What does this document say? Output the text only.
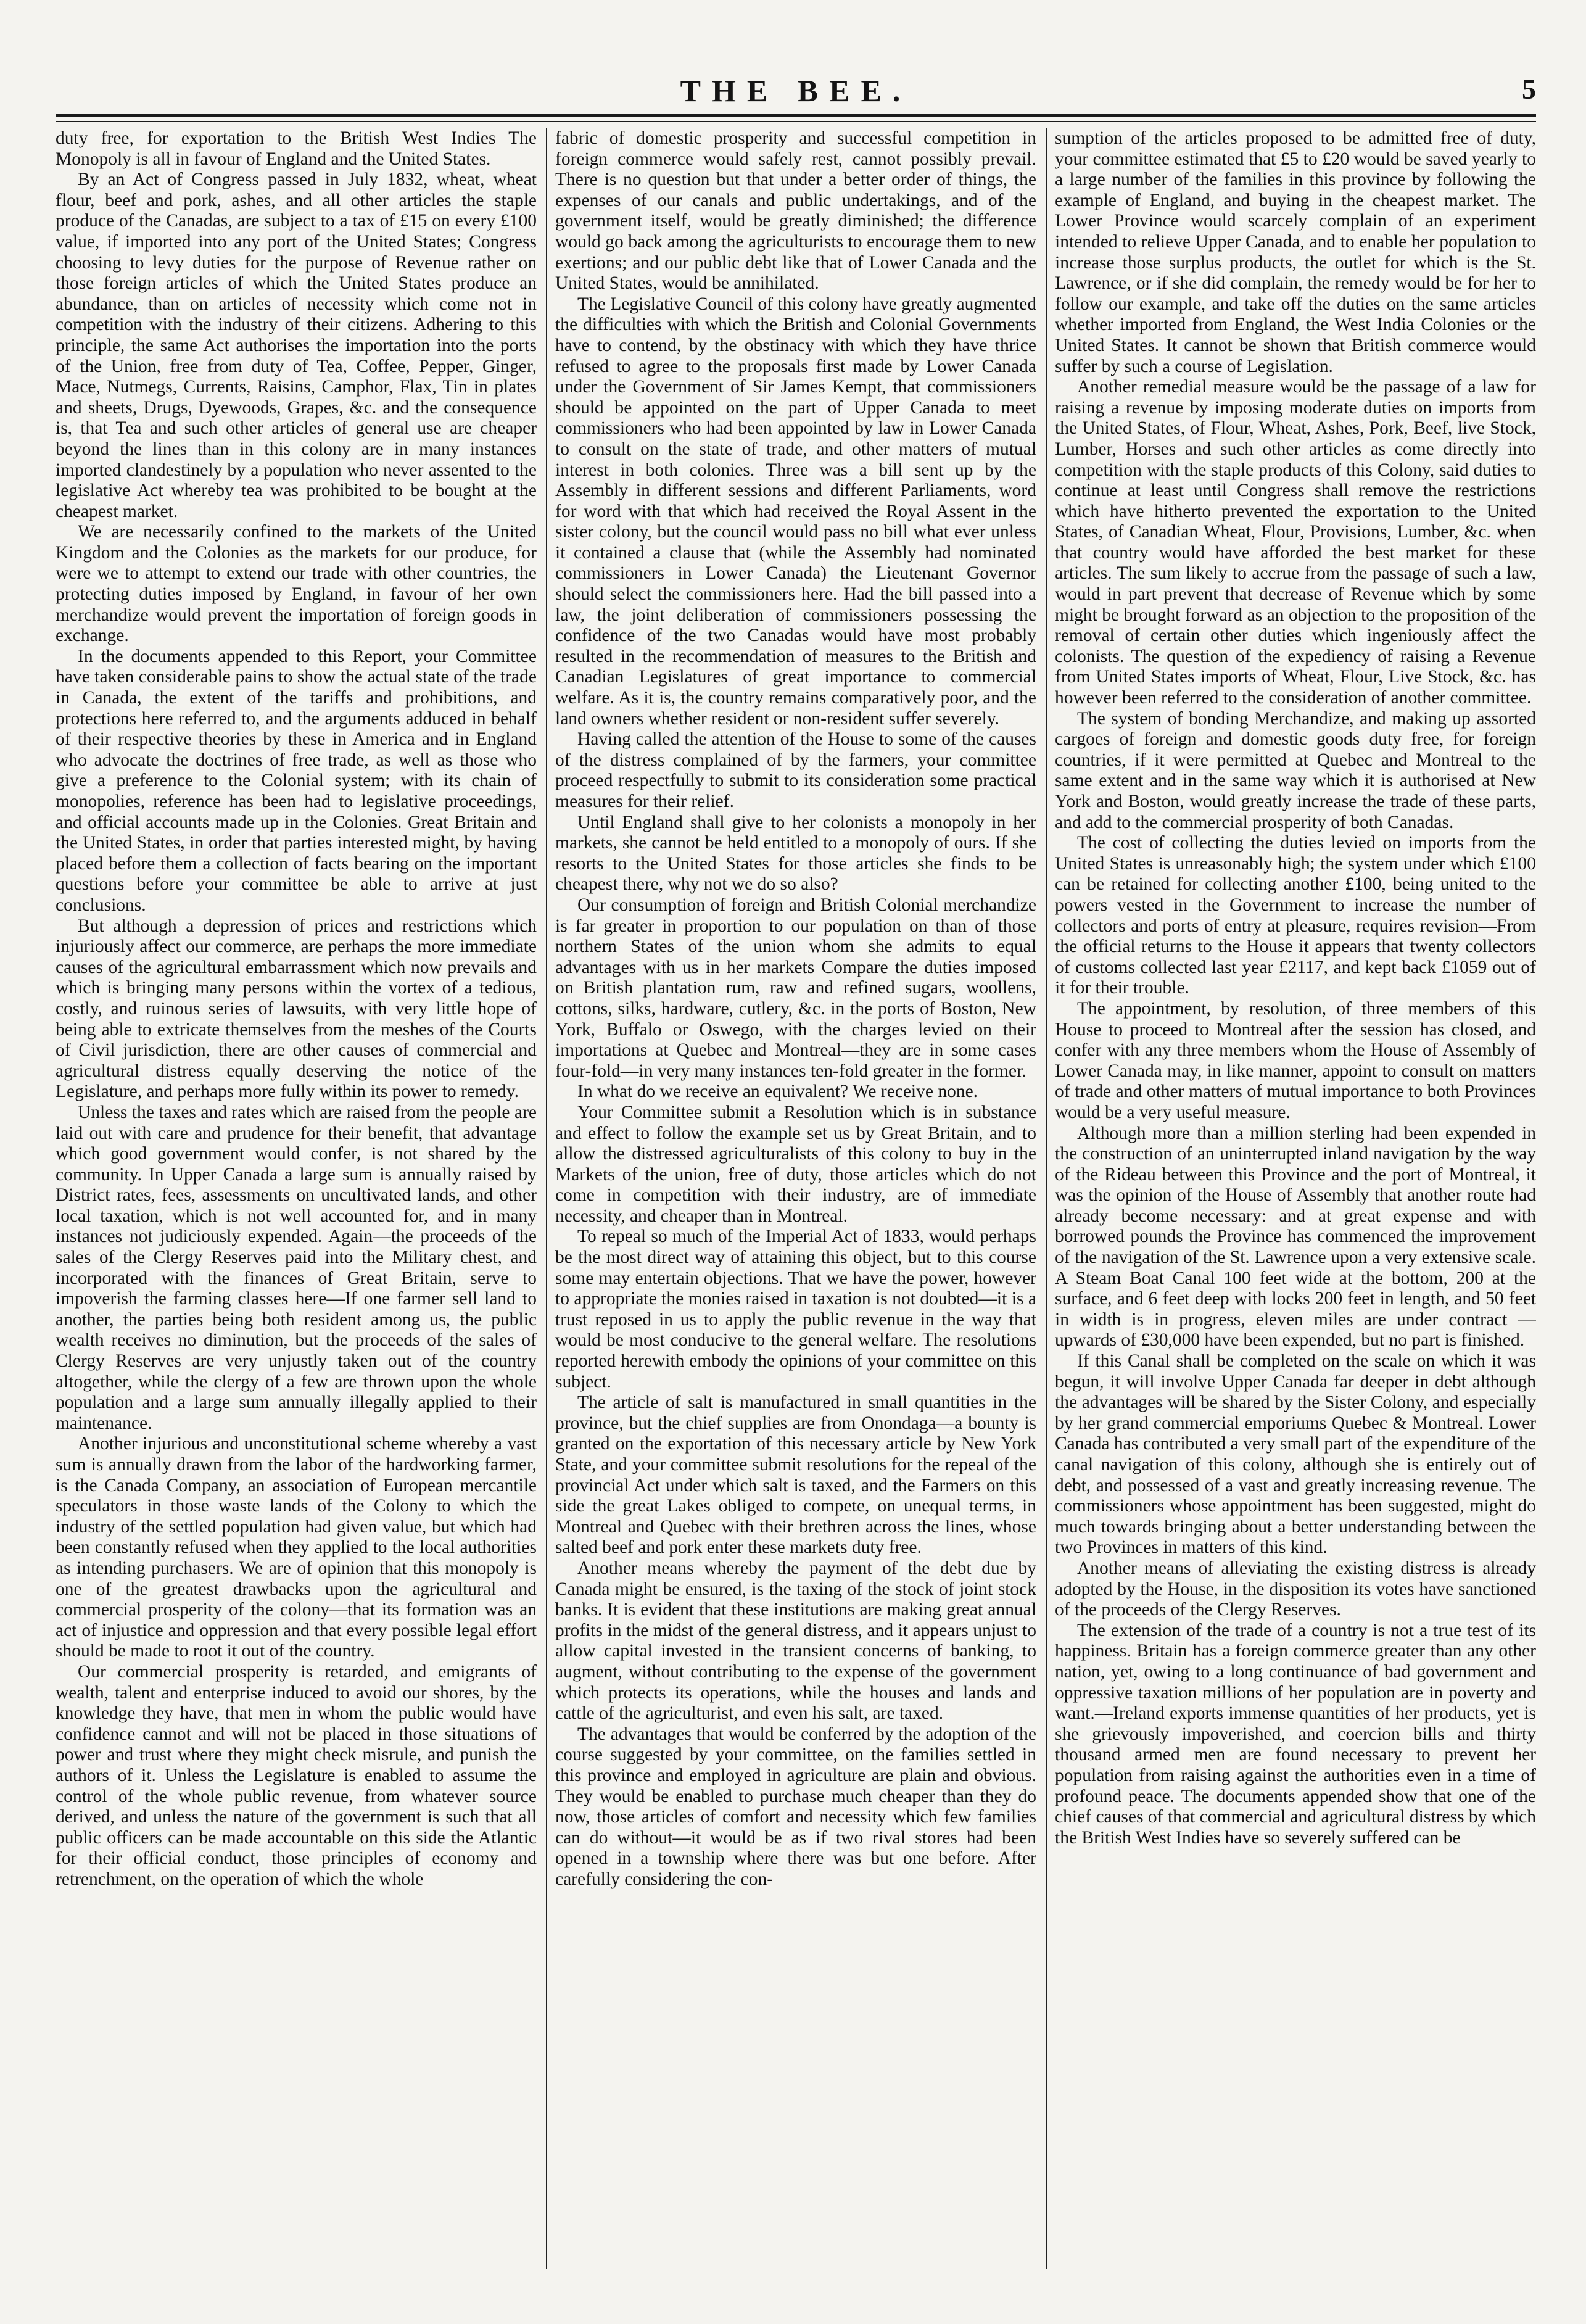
THE BEE.	5

duty free, for exportation to the British West Indies The Monopoly is all in favour of England and the United States.

By an Act of Congress passed in July 1832, wheat, wheat flour, beef and pork, ashes, and all other articles the staple produce of the Canadas, are subject to a tax of £15 on every £100 value, if imported into any port of the United States; Congress choosing to levy duties for the purpose of Revenue rather on those foreign articles of which the United States produce an abundance, than on articles of necessity which come not in competition with the industry of their citizens. Adhering to this principle, the same Act authorises the importation into the ports of the Union, free from duty of Tea, Coffee, Pepper, Ginger, Mace, Nutmegs, Currents, Raisins, Camphor, Flax, Tin in plates and sheets, Drugs, Dyewoods, Grapes, &c. and the consequence is, that Tea and such other articles of general use are cheaper beyond the lines than in this colony are in many instances imported clandestinely by a population who never assented to the legislative Act whereby tea was prohibited to be bought at the cheapest market.

We are necessarily confined to the markets of the United Kingdom and the Colonies as the markets for our produce, for were we to attempt to extend our trade with other countries, the protecting duties imposed by England, in favour of her own merchandize would prevent the importation of foreign goods in exchange.

In the documents appended to this Report, your Committee have taken considerable pains to show the actual state of the trade in Canada, the extent of the tariffs and prohibitions, and protections here referred to, and the arguments adduced in behalf of their respective theories by these in America and in England who advocate the doctrines of free trade, as well as those who give a preference to the Colonial system; with its chain of monopolies, reference has been had to legislative proceedings, and official accounts made up in the Colonies. Great Britain and the United States, in order that parties interested might, by having placed before them a collection of facts bearing on the important questions before your committee be able to arrive at just conclusions.

But although a depression of prices and restrictions which injuriously affect our commerce, are perhaps the more immediate causes of the agricultural embarrassment which now prevails and which is bringing many persons within the vortex of a tedious, costly, and ruinous series of lawsuits, with very little hope of being able to extricate themselves from the meshes of the Courts of Civil jurisdiction, there are other causes of commercial and agricultural distress equally deserving the notice of the Legislature, and perhaps more fully within its power to remedy.

Unless the taxes and rates which are raised from the people are laid out with care and prudence for their benefit, that advantage which good government would confer, is not shared by the community. In Upper Canada a large sum is annually raised by District rates, fees, assessments on uncultivated lands, and other local taxation, which is not well accounted for, and in many instances not judiciously expended. Again—the proceeds of the sales of the Clergy Reserves paid into the Military chest, and incorporated with the finances of Great Britain, serve to impoverish the farming classes here—If one farmer sell land to another, the parties being both resident among us, the public wealth receives no diminution, but the proceeds of the sales of Clergy Reserves are very unjustly taken out of the country altogether, while the clergy of a few are thrown upon the whole population and a large sum annually illegally applied to their maintenance.

Another injurious and unconstitutional scheme whereby a vast sum is annually drawn from the labor of the hardworking farmer, is the Canada Company, an association of European mercantile speculators in those waste lands of the Colony to which the industry of the settled population had given value, but which had been constantly refused when they applied to the local authorities as intending purchasers. We are of opinion that this monopoly is one of the greatest drawbacks upon the agricultural and commercial prosperity of the colony—that its formation was an act of injustice and oppression and that every possible legal effort should be made to root it out of the country.

Our commercial prosperity is retarded, and emigrants of wealth, talent and enterprise induced to avoid our shores, by the knowledge they have, that men in whom the public would have confidence cannot and will not be placed in those situations of power and trust where they might check misrule, and punish the authors of it. Unless the Legislature is enabled to assume the control of the whole public revenue, from whatever source derived, and unless the nature of the government is such that all public officers can be made accountable on this side the Atlantic for their official conduct, those principles of economy and retrenchment, on the operation of which the whole

fabric of domestic prosperity and successful competition in foreign commerce would safely rest, cannot possibly prevail. There is no question but that under a better order of things, the expenses of our canals and public undertakings, and of the government itself, would be greatly diminished; the difference would go back among the agriculturists to encourage them to new exertions; and our public debt like that of Lower Canada and the United States, would be annihilated.

The Legislative Council of this colony have greatly augmented the difficulties with which the British and Colonial Governments have to contend, by the obstinacy with which they have thrice refused to agree to the proposals first made by Lower Canada under the Government of Sir James Kempt, that commissioners should be appointed on the part of Upper Canada to meet commissioners who had been appointed by law in Lower Canada to consult on the state of trade, and other matters of mutual interest in both colonies. Three was a bill sent up by the Assembly in different sessions and different Parliaments, word for word with that which had received the Royal Assent in the sister colony, but the council would pass no bill what ever unless it contained a clause that (while the Assembly had nominated commissioners in Lower Canada) the Lieutenant Governor should select the commissioners here. Had the bill passed into a law, the joint deliberation of commissioners possessing the confidence of the two Canadas would have most probably resulted in the recommendation of measures to the British and Canadian Legislatures of great importance to commercial welfare. As it is, the country remains comparatively poor, and the land owners whether resident or non-resident suffer severely.

Having called the attention of the House to some of the causes of the distress complained of by the farmers, your committee proceed respectfully to submit to its consideration some practical measures for their relief.

Until England shall give to her colonists a monopoly in her markets, she cannot be held entitled to a monopoly of ours. If she resorts to the United States for those articles she finds to be cheapest there, why not we do so also?

Our consumption of foreign and British Colonial merchandize is far greater in proportion to our population on than of those northern States of the union whom she admits to equal advantages with us in her markets Compare the duties imposed on British plantation rum, raw and refined sugars, woollens, cottons, silks, hardware, cutlery, &c. in the ports of Boston, New York, Buffalo or Oswego, with the charges levied on their importations at Quebec and Montreal—they are in some cases four-fold—in very many instances ten-fold greater in the former.

In what do we receive an equivalent? We receive none.

Your Committee submit a Resolution which is in substance and effect to follow the example set us by Great Britain, and to allow the distressed agriculturalists of this colony to buy in the Markets of the union, free of duty, those articles which do not come in competition with their industry, are of immediate necessity, and cheaper than in Montreal.

To repeal so much of the Imperial Act of 1833, would perhaps be the most direct way of attaining this object, but to this course some may entertain objections. That we have the power, however to appropriate the monies raised in taxation is not doubted—it is a trust reposed in us to apply the public revenue in the way that would be most conducive to the general welfare. The resolutions reported herewith embody the opinions of your committee on this subject.

The article of salt is manufactured in small quantities in the province, but the chief supplies are from Onondaga—a bounty is granted on the exportation of this necessary article by New York State, and your committee submit resolutions for the repeal of the provincial Act under which salt is taxed, and the Farmers on this side the great Lakes obliged to compete, on unequal terms, in Montreal and Quebec with their brethren across the lines, whose salted beef and pork enter these markets duty free.

Another means whereby the payment of the debt due by Canada might be ensured, is the taxing of the stock of joint stock banks. It is evident that these institutions are making great annual profits in the midst of the general distress, and it appears unjust to allow capital invested in the transient concerns of banking, to augment, without contributing to the expense of the government which protects its operations, while the houses and lands and cattle of the agriculturist, and even his salt, are taxed.

The advantages that would be conferred by the adoption of the course suggested by your committee, on the families settled in this province and employed in agriculture are plain and obvious. They would be enabled to purchase much cheaper than they do now, those articles of comfort and necessity which few families can do without—it would be as if two rival stores had been opened in a township where there was but one before. After carefully considering the con-

sumption of the articles proposed to be admitted free of duty, your committee estimated that £5 to £20 would be saved yearly to a large number of the families in this province by following the example of England, and buying in the cheapest market. The Lower Province would scarcely complain of an experiment intended to relieve Upper Canada, and to enable her population to increase those surplus products, the outlet for which is the St. Lawrence, or if she did complain, the remedy would be for her to follow our example, and take off the duties on the same articles whether imported from England, the West India Colonies or the United States. It cannot be shown that British commerce would suffer by such a course of Legislation.

Another remedial measure would be the passage of a law for raising a revenue by imposing moderate duties on imports from the United States, of Flour, Wheat, Ashes, Pork, Beef, live Stock, Lumber, Horses and such other articles as come directly into competition with the staple products of this Colony, said duties to continue at least until Congress shall remove the restrictions which have hitherto prevented the exportation to the United States, of Canadian Wheat, Flour, Provisions, Lumber, &c. when that country would have afforded the best market for these articles. The sum likely to accrue from the passage of such a law, would in part prevent that decrease of Revenue which by some might be brought forward as an objection to the proposition of the removal of certain other duties which ingeniously affect the colonists. The question of the expediency of raising a Revenue from United States imports of Wheat, Flour, Live Stock, &c. has however been referred to the consideration of another committee.

The system of bonding Merchandize, and making up assorted cargoes of foreign and domestic goods duty free, for foreign countries, if it were permitted at Quebec and Montreal to the same extent and in the same way which it is authorised at New York and Boston, would greatly increase the trade of these parts, and add to the commercial prosperity of both Canadas.

The cost of collecting the duties levied on imports from the United States is unreasonably high; the system under which £100 can be retained for collecting another £100, being united to the powers vested in the Government to increase the number of collectors and ports of entry at pleasure, requires revision—From the official returns to the House it appears that twenty collectors of customs collected last year £2117, and kept back £1059 out of it for their trouble.

The appointment, by resolution, of three members of this House to proceed to Montreal after the session has closed, and confer with any three members whom the House of Assembly of Lower Canada may, in like manner, appoint to consult on matters of trade and other matters of mutual importance to both Provinces would be a very useful measure.

Although more than a million sterling had been expended in the construction of an uninterrupted inland navigation by the way of the Rideau between this Province and the port of Montreal, it was the opinion of the House of Assembly that another route had already become necessary: and at great expense and with borrowed pounds the Province has commenced the improvement of the navigation of the St. Lawrence upon a very extensive scale. A Steam Boat Canal 100 feet wide at the bottom, 200 at the surface, and 6 feet deep with locks 200 feet in length, and 50 feet in width is in progress, eleven miles are under contract —upwards of £30,000 have been expended, but no part is finished.

If this Canal shall be completed on the scale on which it was begun, it will involve Upper Canada far deeper in debt although the advantages will be shared by the Sister Colony, and especially by her grand commercial emporiums Quebec & Montreal. Lower Canada has contributed a very small part of the expenditure of the canal navigation of this colony, although she is entirely out of debt, and possessed of a vast and greatly increasing revenue. The commissioners whose appointment has been suggested, might do much towards bringing about a better understanding between the two Provinces in matters of this kind.

Another means of alleviating the existing distress is already adopted by the House, in the disposition its votes have sanctioned of the proceeds of the Clergy Reserves.

The extension of the trade of a country is not a true test of its happiness. Britain has a foreign commerce greater than any other nation, yet, owing to a long continuance of bad government and oppressive taxation millions of her population are in poverty and want.—Ireland exports immense quantities of her products, yet is she grievously impoverished, and coercion bills and thirty thousand armed men are found necessary to prevent her population from raising against the authorities even in a time of profound peace. The documents appended show that one of the chief causes of that commercial and agricultural distress by which the British West Indies have so severely suffered can be
